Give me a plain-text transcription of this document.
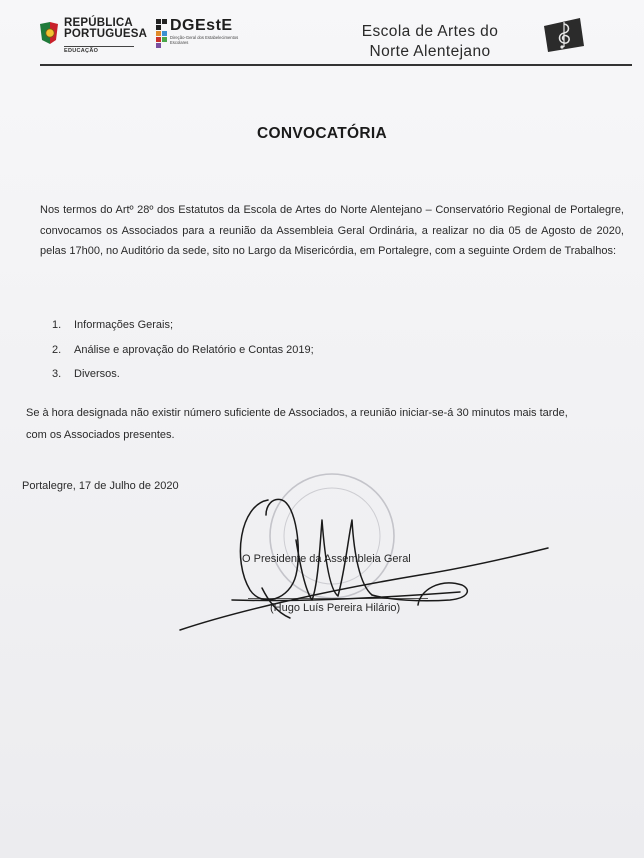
REPÚBLICA
PORTUGUESA
EDUCAÇÃO
DGEstE
Direção-Geral dos Estabelecimentos Escolares
Escola de Artes do
Norte Alentejano
CONVOCATÓRIA
Nos termos do Artº 28º dos Estatutos da Escola de Artes do Norte Alentejano – Conservatório Regional de Portalegre, convocamos os Associados para a reunião da Assembleia Geral Ordinária, a realizar no dia 05 de Agosto de 2020, pelas 17h00, no Auditório da sede, sito no Largo da Misericórdia, em Portalegre, com a seguinte Ordem de Trabalhos:
1.	Informações Gerais;
2.	Análise e aprovação do Relatório e Contas 2019;
3.	Diversos.
Se à hora designada não existir número suficiente de Associados, a reunião iniciar-se-á 30 minutos mais tarde,
com os Associados presentes.
Portalegre, 17 de Julho de 2020
O Presidente da Assembleia Geral
(Hugo Luís Pereira Hilário)
